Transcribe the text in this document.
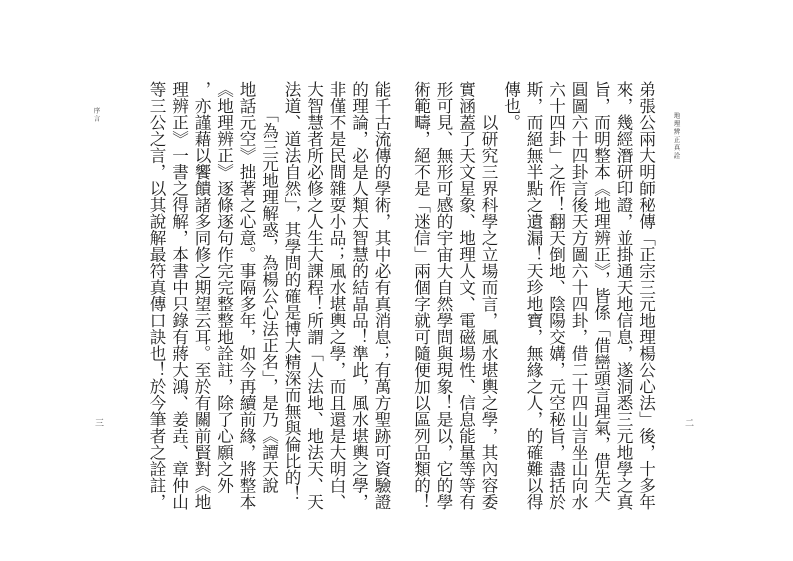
地理辨正真詮
二
序言
三	弟張公兩大明師秘傳「正宗三元地理楊公心法」後，十多年
來，幾經潛研印證，並掛通天地信息，遂洞悉三元地學之真
旨，而明整本《地理辨正》，皆係「借巒頭言理氣，借先天
圓圖六十四卦言後天方圖六十四卦，借二十四山言坐山向水
六十四卦」之作！翻天倒地、陰陽交媾，元空秘旨，盡括於
斯，而絕無半點之遺漏！天珍地寶，無緣之人，的確難以得
傳也。
　　以研究三界科學之立場而言，風水堪輿之學，其內容委
實涵蓋了天文星象、地理人文、電磁場性、信息能量等等有
形可見、無形可感的宇宙大自然學問與現象！是以，它的學
術範疇，絕不是「迷信」兩個字就可隨便加以區列品類的！
能千古流傳的學術，其中必有真消息；有萬方聖跡可資驗證
的理論，必是人類大智慧的結晶品！準此，風水堪輿之學，
非僅不是民間雜耍小品；風水堪輿之學，而且還是大明白、
大智慧者所必修之人生大課程！所謂「人法地、地法天、天
法道、道法自然」，其學問的確是博大精深而無與倫比的！
　　「為三元地理解惑，為楊公心法正名」，是乃《譚天說
地話元空》拙著之心意。事隔多年，如今再續前緣，將整本
《地理辨正》逐條逐句作完完整整地詮註，除了心願之外
，亦謹藉以饗饋諸多同修之期望云耳。至於有關前賢對《地
理辨正》一書之得解，本書中只錄有蔣大鴻、姜垚、章仲山
等三公之言，以其說解最符真傳口訣也！於今筆者之詮註，
